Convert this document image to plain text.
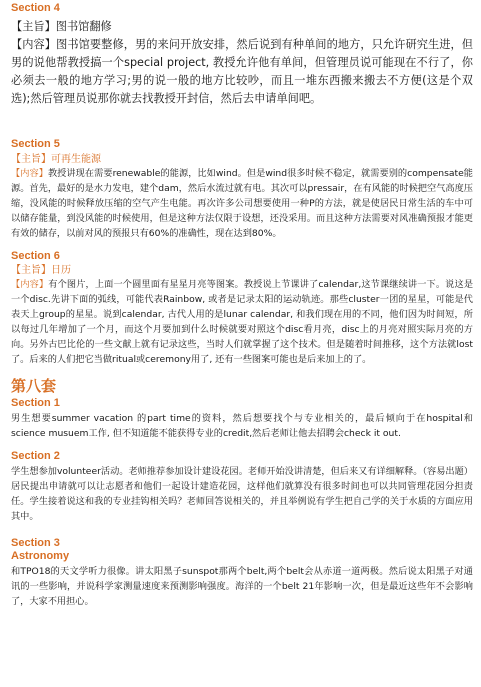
Section 4
【主旨】图书馆翻修
【内容】图书馆要整修，男的来问开放安排，然后说到有种单间的地方，只允许研究生进，但男的说他帮教授搞一个special project, 教授允许他有单间，但管理员说可能现在不行了，你必须去一般的地方学习;男的说一般的地方比较吵，而且一堆东西搬来搬去不方便(这是个双选);然后管理员说那你就去找教授开封信，然后去申请单间吧。
Section 5
【主旨】可再生能源
【内容】教授讲现在需要renewable的能源，比如wind。但是wind很多时候不稳定，就需要别的compensate能源。首先，最好的是水力发电，建个dam，然后水流过就有电。其次可以pressair，在有风能的时候把空气高度压缩，没风能的时候释放压缩的空气产生电能。再次许多公司想要使用一种P的方法，就是使居民日常生活的车中可以储存能量，到没风能的时候使用，但是这种方法仅限于设想，还没采用。而且这种方法需要对风准确预报才能更有效的储存，以前对风的预报只有60%的准确性，现在达到80%。
Section 6
【主旨】日历
【内容】有个图片，上面一个圆里面有星星月亮等图案。教授说上节课讲了calendar,这节课继续讲一下。说这是一个disc.先讲下面的弧线，可能代表Rainbow, 或者是记录太阳的运动轨迹。那些cluster一团的星星，可能是代表天上group的星星。说到calendar, 古代人用的是lunar calendar, 和我们现在用的不同，他们因为时间短，所以每过几年增加了一个月，而这个月要加到什么时候就要对照这个disc看月亮，disc上的月亮对照实际月亮的方向。另外古巴比伦的一些文献上就有记录这些，当时人们就掌握了这个技术。但是随着时间推移，这个方法就lost了。后来的人们把它当做ritual或ceremony用了, 还有一些图案可能也是后来加上的了。
第八套
Section 1
男生想要summer vacation 的part time的资料，然后想要找个与专业相关的，最后倾向于在hospital和science musuem工作, 但不知道能不能获得专业的credit,然后老师让他去招聘会check it out.
Section 2
学生想参加volunteer活动。老师推荐参加设计建设花园。老师开始没讲清楚，但后来又有详细解释。（容易出题）居民提出申请就可以让志愿者和他们一起设计建造花园，这样他们就算没有很多时间也可以共同管理花园分担责任。学生接着说这和我的专业挂钩相关吗？老师回答说相关的，并且举例说有学生把自己学的关于水质的方面应用其中。
Section 3
Astronomy
和TPO18的天文学听力很像。讲太阳黑子sunspot那两个belt,两个belt会从赤道一道两极。然后说太阳黑子对通讯的一些影响，并说科学家测量速度来预测影响强度。海洋的一个belt 21年影响一次，但是最近这些年不会影响了，大家不用担心。
